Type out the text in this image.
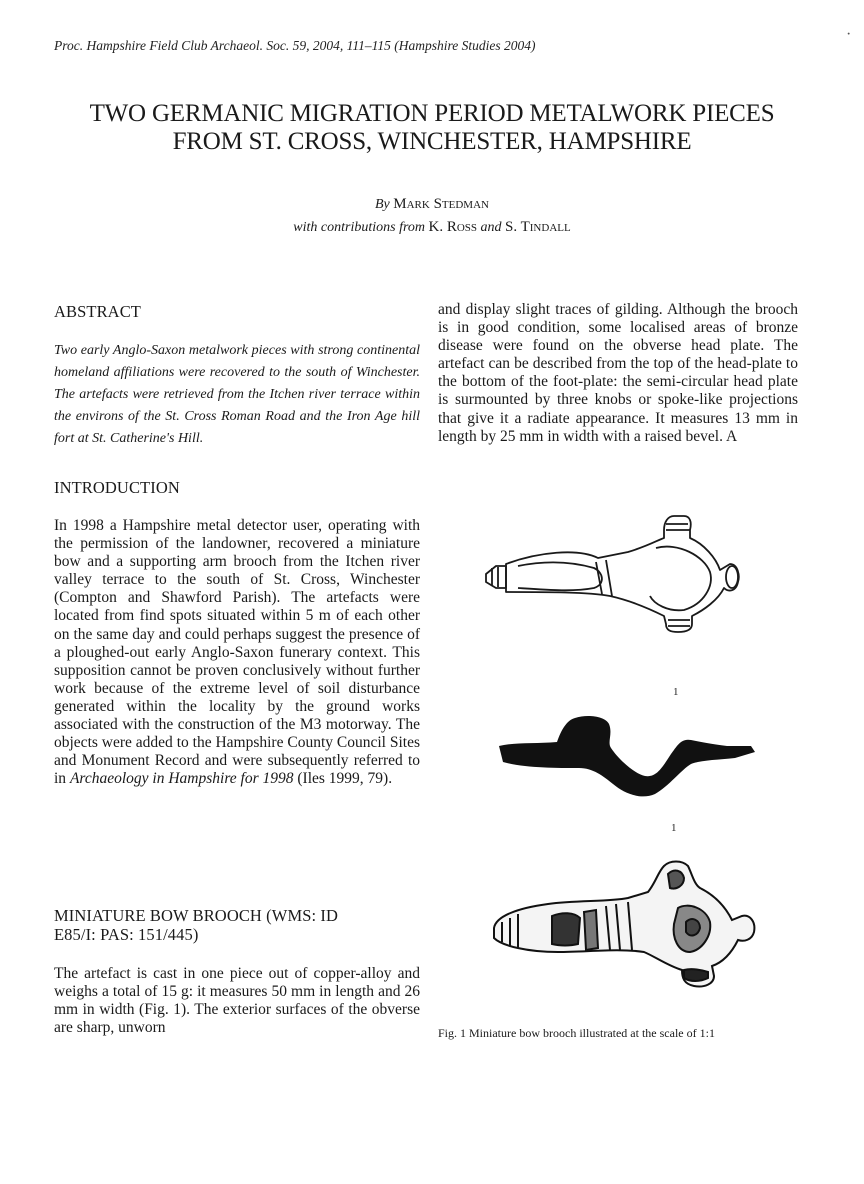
Proc. Hampshire Field Club Archaeol. Soc. 59, 2004, 111–115 (Hampshire Studies 2004)
·
TWO GERMANIC MIGRATION PERIOD METALWORK PIECES
FROM ST. CROSS, WINCHESTER, HAMPSHIRE
By Mark Stedman
with contributions from K. Ross and S. Tindall
ABSTRACT
Two early Anglo-Saxon metalwork pieces with strong continental homeland affiliations were recovered to the south of Winchester. The artefacts were retrieved from the Itchen river terrace within the environs of the St. Cross Roman Road and the Iron Age hill fort at St. Catherine's Hill.
INTRODUCTION
In 1998 a Hampshire metal detector user, operating with the permission of the landowner, recovered a miniature bow and a supporting arm brooch from the Itchen river valley terrace to the south of St. Cross, Winchester (Compton and Shawford Parish). The artefacts were located from find spots situated within 5 m of each other on the same day and could perhaps suggest the presence of a ploughed-out early Anglo-Saxon funerary context. This supposition cannot be proven conclusively without further work because of the extreme level of soil disturbance generated within the locality by the ground works associated with the construction of the M3 motorway. The objects were added to the Hampshire County Council Sites and Monument Record and were subsequently referred to in Archaeology in Hampshire for 1998 (Iles 1999, 79).
MINIATURE BOW BROOCH (WMS: ID
E85/I: PAS: 151/445)
The artefact is cast in one piece out of copper-alloy and weighs a total of 15 g: it measures 50 mm in length and 26 mm in width (Fig. 1). The exterior surfaces of the obverse are sharp, unworn
and display slight traces of gilding. Although the brooch is in good condition, some localised areas of bronze disease were found on the obverse head plate. The artefact can be described from the top of the head-plate to the bottom of the foot-plate: the semi-circular head plate is surmounted by three knobs or spoke-like projections that give it a radiate appearance. It measures 13 mm in length by 25 mm in width with a raised bevel. A
1
1
Fig. 1 Miniature bow brooch illustrated at the scale of 1:1
